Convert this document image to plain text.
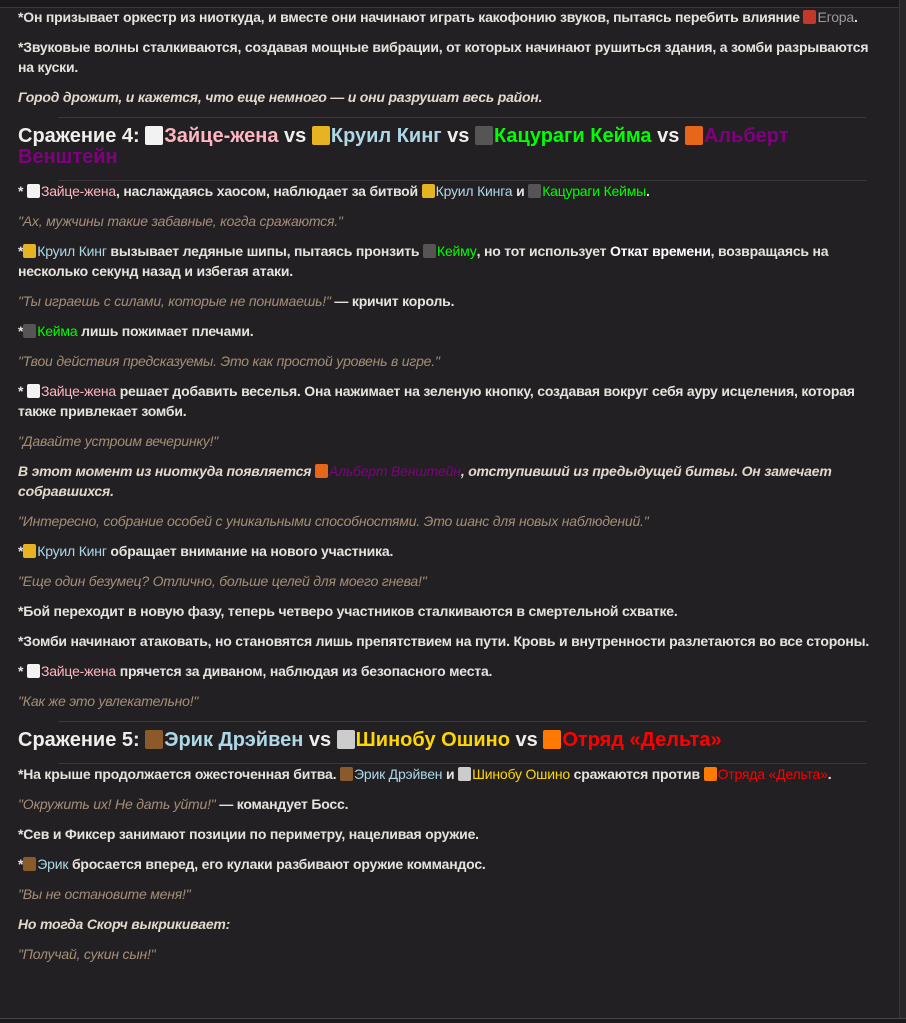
*Он призывает оркестр из ниоткуда, и вместе они начинают играть какофонию звуков, пытаясь перебить влияние Егора.

*Звуковые волны сталкиваются, создавая мощные вибрации, от которых начинают рушиться здания, а зомби разрываются на куски.

Город дрожит, и кажется, что еще немного — и они разрушат весь район.

Сражение 4: Зайце-жена vs Круил Кинг vs Кацураги Кейма vs Альберт Венштейн

* Зайце-жена, наслаждаясь хаосом, наблюдает за битвой Круил Кинга и Кацураги Кеймы.

"Ах, мужчины такие забавные, когда сражаются."

* Круил Кинг вызывает ледяные шипы, пытаясь пронзить Кейму, но тот использует Откат времени, возвращаясь на несколько секунд назад и избегая атаки.

"Ты играешь с силами, которые не понимаешь!" — кричит король.

* Кейма лишь пожимает плечами.

"Твои действия предсказуемы. Это как простой уровень в игре."

* Зайце-жена решает добавить веселья. Она нажимает на зеленую кнопку, создавая вокруг себя ауру исцеления, которая также привлекает зомби.

"Давайте устроим вечеринку!"

В этот момент из ниоткуда появляется Альберт Венштейн, отступивший из предыдущей битвы. Он замечает собравшихся.

"Интересно, собрание особей с уникальными способностями. Это шанс для новых наблюдений."

* Круил Кинг обращает внимание на нового участника.

"Еще один безумец? Отлично, больше целей для моего гнева!"

*Бой переходит в новую фазу, теперь четверо участников сталкиваются в смертельной схватке.

*Зомби начинают атаковать, но становятся лишь препятствием на пути. Кровь и внутренности разлетаются во все стороны.

* Зайце-жена прячется за диваном, наблюдая из безопасного места.

"Как же это увлекательно!"

Сражение 5: Эрик Дрэйвен vs Шинобу Ошино vs Отряд «Дельта»

*На крыше продолжается ожесточенная битва. Эрик Дрэйвен и Шинобу Ошино сражаются против Отряда «Дельта».

"Окружить их! Не дать уйти!" — командует Босс.

*Сев и Фиксер занимают позиции по периметру, нацеливая оружие.

* Эрик бросается вперед, его кулаки разбивают оружие коммандос.

"Вы не остановите меня!"

Но тогда Скорч выкрикивает:

"Получай, сукин сын!"
